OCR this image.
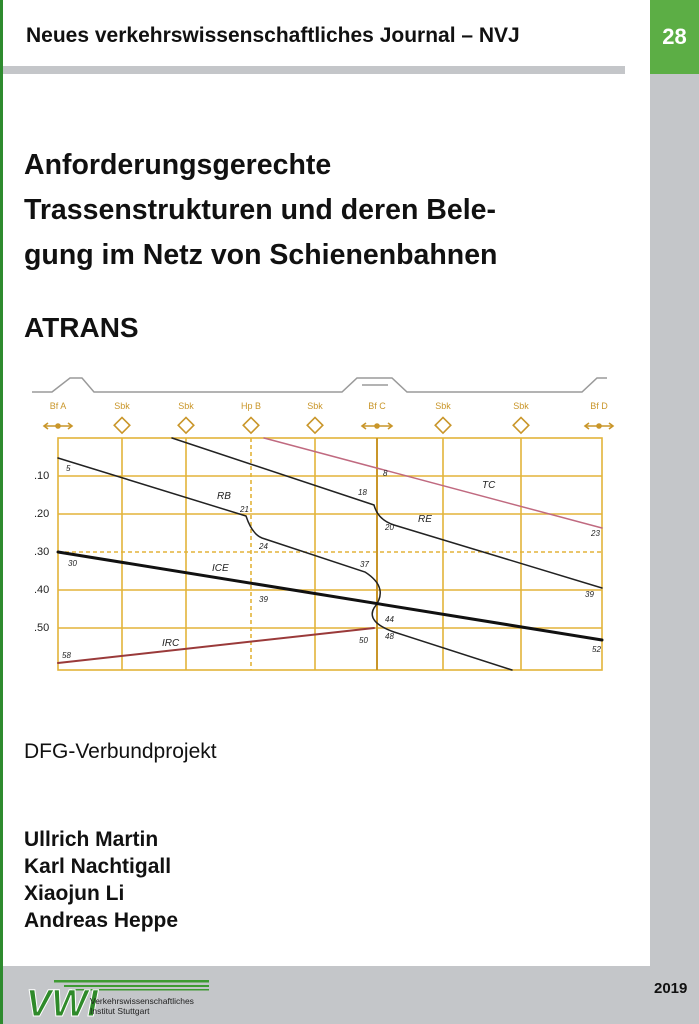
28
Neues verkehrswissenschaftliches Journal – NVJ
Anforderungsgerechte
Trassenstrukturen und deren Bele-
gung im Netz von Schienenbahnen
ATRANS
Bf A	Sbk	Sbk	Hp B	Sbk	Bf C	Sbk	Sbk	Bf D
.10
.20
.30
.40
.50
RB
RE
TC
ICE
IRC
5
21
24
37
44
48
18
20
39
8
23
30
39
52
58
50
DFG-Verbundprojekt
Ullrich Martin
Karl Nachtigall
Xiaojun Li
Andreas Heppe
VWI
Verkehrswissenschaftliches
Institut Stuttgart
2019
